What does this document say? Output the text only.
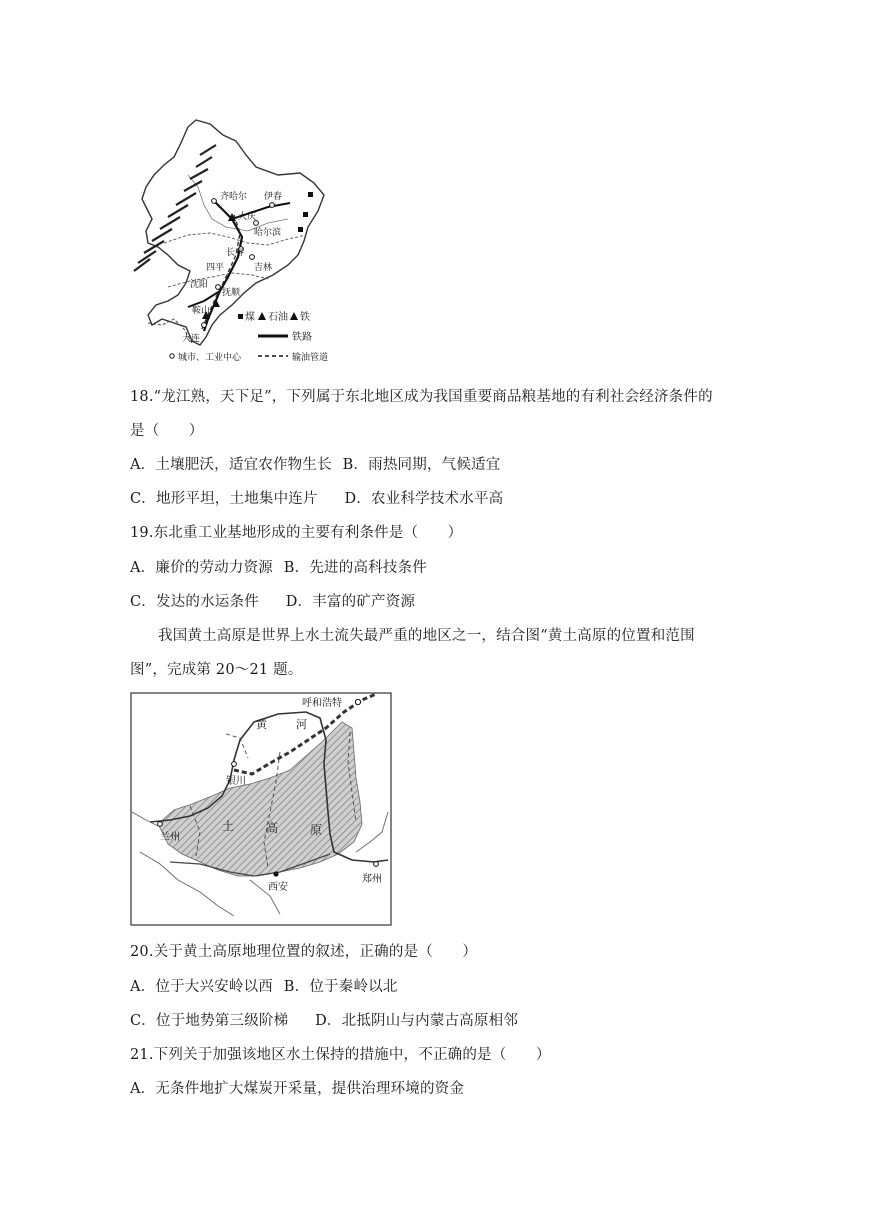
齐哈尔 伊春
大庆
哈尔滨
长春
四平	吉林
沈阳
抚顺
鞍山
大连
煤 石油 铁
铁路
城市、工业中心	输油管道
18.“龙江熟，天下足”，下列属于东北地区成为我国重要商品粮基地的有利社会经济条件的
是（　　）
A．土壤肥沃，适宜农作物生长 B．雨热同期，气候适宜
C．地形平坦，土地集中连片 D．农业科学技术水平高
19.东北重工业基地形成的主要有利条件是（　　）
A．廉价的劳动力资源 B．先进的高科技条件
C．发达的水运条件 D．丰富的矿产资源
我国黄土高原是世界上水土流失最严重的地区之一，结合图“黄土高原的位置和范围
图”，完成第 20～21 题。
呼和浩特
银川
兰州
西安
郑州
黄	河
土	高	原
20.关于黄土高原地理位置的叙述，正确的是（　　）
A．位于大兴安岭以西 B．位于秦岭以北
C．位于地势第三级阶梯 D．北抵阴山与内蒙古高原相邻
21.下列关于加强该地区水土保持的措施中，不正确的是（　　）
A．无条件地扩大煤炭开采量，提供治理环境的资金
